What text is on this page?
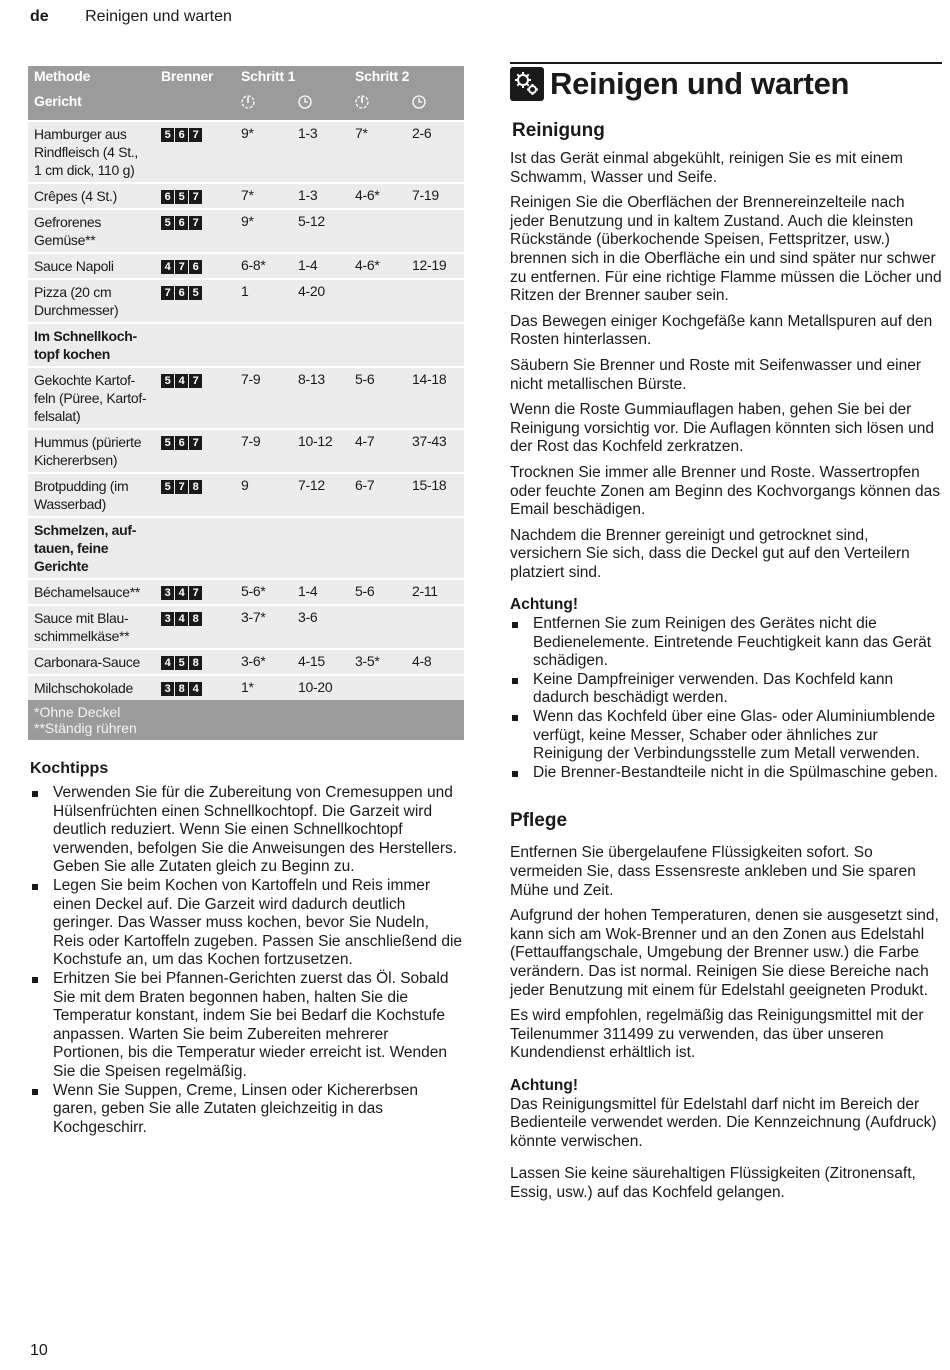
de Reinigen und warten
Methode	Brenner	Schritt 1		Schritt 2	
Gericht					
Hamburger aus Rindfleisch (4 St., 1 cm dick, 110 g)	5 6 7	9*	1-3	7*	2-6
Crêpes (4 St.)	6 5 7	7*	1-3	4-6*	7-19
Gefrorenes Gemüse**	5 6 7	9*	5-12		
Sauce Napoli	4 7 6	6-8*	1-4	4-6*	12-19
Pizza (20 cm Durchmesser)	7 6 5	1	4-20		
Im Schnellkochtopf kochen					
Gekochte Kartoffeln (Püree, Kartoffelsalat)	5 4 7	7-9	8-13	5-6	14-18
Hummus (pürierte Kichererbsen)	5 6 7	7-9	10-12	4-7	37-43
Brotpudding (im Wasserbad)	5 7 8	9	7-12	6-7	15-18
Schmelzen, auftauen, feine Gerichte					
Béchamelsauce**	3 4 7	5-6*	1-4	5-6	2-11
Sauce mit Blauschimmelkäse**	3 4 8	3-7*	3-6		
Carbonara-Sauce	4 5 8	3-6*	4-15	3-5*	4-8
Milchschokolade	3 8 4	1*	10-20		

*Ohne Deckel
**Ständig rühren					
Kochtipps
Verwenden Sie für die Zubereitung von Cremesuppen und Hülsenfrüchten einen Schnellkochtopf. Die Garzeit wird deutlich reduziert. Wenn Sie einen Schnellkochtopf verwenden, befolgen Sie die Anweisungen des Herstellers. Geben Sie alle Zutaten gleich zu Beginn zu.
Legen Sie beim Kochen von Kartoffeln und Reis immer einen Deckel auf. Die Garzeit wird dadurch deutlich geringer. Das Wasser muss kochen, bevor Sie Nudeln, Reis oder Kartoffeln zugeben. Passen Sie anschließend die Kochstufe an, um das Kochen fortzusetzen.
Erhitzen Sie bei Pfannen-Gerichten zuerst das Öl. Sobald Sie mit dem Braten begonnen haben, halten Sie die Temperatur konstant, indem Sie bei Bedarf die Kochstufe anpassen. Warten Sie beim Zubereiten mehrerer Portionen, bis die Temperatur wieder erreicht ist. Wenden Sie die Speisen regelmäßig.
Wenn Sie Suppen, Creme, Linsen oder Kichererbsen garen, geben Sie alle Zutaten gleichzeitig in das Kochgeschirr.
Reinigen und warten
Reinigung

Ist das Gerät einmal abgekühlt, reinigen Sie es mit einem Schwamm, Wasser und Seife.

Reinigen Sie die Oberflächen der Brennereinzelteile nach jeder Benutzung und in kaltem Zustand. Auch die kleinsten Rückstände (überkochende Speisen, Fettspritzer, usw.) brennen sich in die Oberfläche ein und sind später nur schwer zu entfernen. Für eine richtige Flamme müssen die Löcher und Ritzen der Brenner sauber sein.

Das Bewegen einiger Kochgefäße kann Metallspuren auf den Rosten hinterlassen.

Säubern Sie Brenner und Roste mit Seifenwasser und einer nicht metallischen Bürste.

Wenn die Roste Gummiauflagen haben, gehen Sie bei der Reinigung vorsichtig vor. Die Auflagen könnten sich lösen und der Rost das Kochfeld zerkratzen.

Trocknen Sie immer alle Brenner und Roste. Wassertropfen oder feuchte Zonen am Beginn des Kochvorgangs können das Email beschädigen.

Nachdem die Brenner gereinigt und getrocknet sind, versichern Sie sich, dass die Deckel gut auf den Verteilern platziert sind.

Achtung!
Entfernen Sie zum Reinigen des Gerätes nicht die Bedienelemente. Eintretende Feuchtigkeit kann das Gerät schädigen.
Keine Dampfreiniger verwenden. Das Kochfeld kann dadurch beschädigt werden.
Wenn das Kochfeld über eine Glas- oder Aluminiumblende verfügt, keine Messer, Schaber oder ähnliches zur Reinigung der Verbindungsstelle zum Metall verwenden.
Die Brenner-Bestandteile nicht in die Spülmaschine geben.
Pflege

Entfernen Sie übergelaufene Flüssigkeiten sofort. So vermeiden Sie, dass Essensreste ankleben und Sie sparen Mühe und Zeit.

Aufgrund der hohen Temperaturen, denen sie ausgesetzt sind, kann sich am Wok-Brenner und an den Zonen aus Edelstahl (Fettauffangschale, Umgebung der Brenner usw.) die Farbe verändern. Das ist normal. Reinigen Sie diese Bereiche nach jeder Benutzung mit einem für Edelstahl geeigneten Produkt.

Es wird empfohlen, regelmäßig das Reinigungsmittel mit der Teilenummer 311499 zu verwenden, das über unseren Kundendienst erhältlich ist.

Achtung!

Das Reinigungsmittel für Edelstahl darf nicht im Bereich der Bedienteile verwendet werden. Die Kennzeichnung (Aufdruck) könnte verwischen.

Lassen Sie keine säurehaltigen Flüssigkeiten (Zitronensaft, Essig, usw.) auf das Kochfeld gelangen.

10
